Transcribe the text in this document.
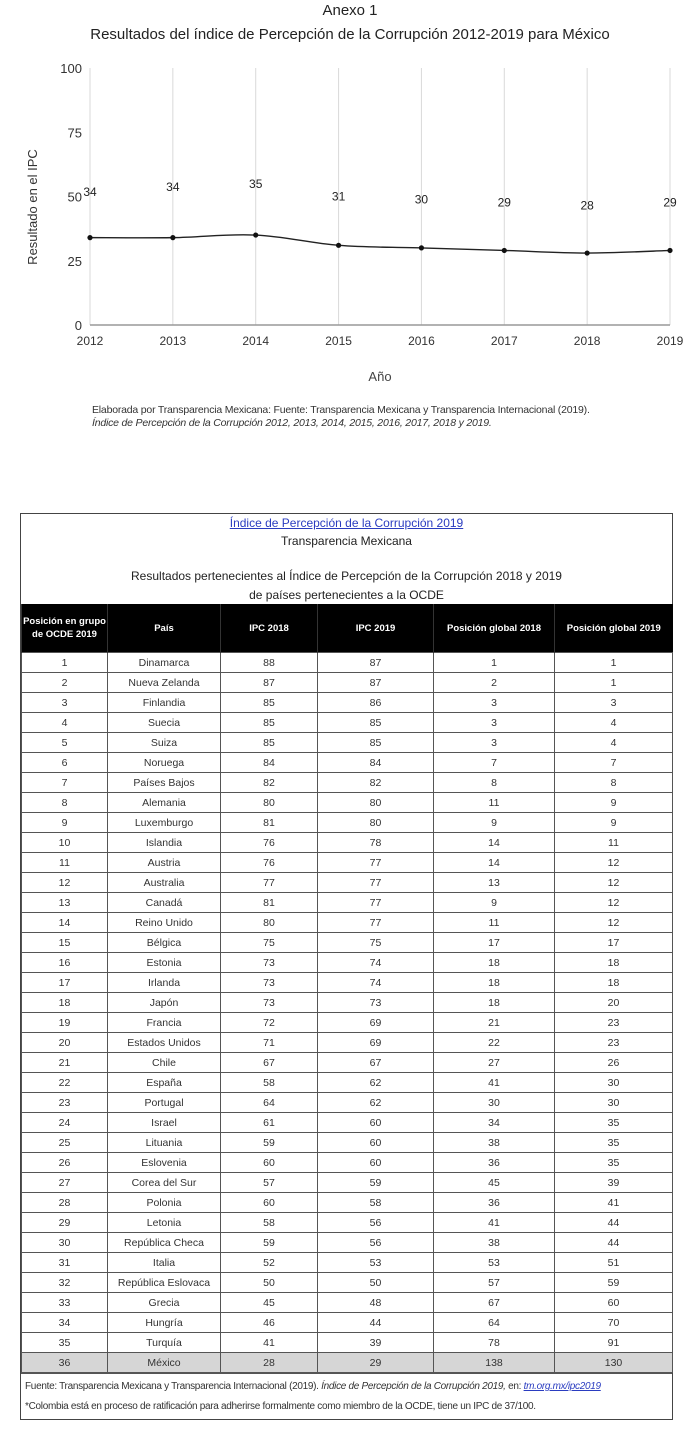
Anexo 1
Resultados del índice de Percepción de la Corrupción 2012-2019 para México
0
25
50
75
100
2012	2013	2014	2015	2016	2017	2018	2019
34	34	35
31	30	29	28	29
Resultado en el IPC
Año
Elaborada por Transparencia Mexicana: Fuente: Transparencia Mexicana y Transparencia Internacional (2019).
Índice de Percepción de la Corrupción 2012, 2013, 2014, 2015, 2016, 2017, 2018 y 2019.
Índice de Percepción de la Corrupción 2019
Transparencia Mexicana
Resultados pertenecientes al Índice de Percepción de la Corrupción 2018 y 2019
de países pertenecientes a la OCDE
Posición en grupo de OCDE 2019	País	IPC 2018	IPC 2019	Posición global 2018	Posición global 2019
1	Dinamarca	88	87	1	1
2	Nueva Zelanda	87	87	2	1
3	Finlandia	85	86	3	3
4	Suecia	85	85	3	4
5	Suiza	85	85	3	4
6	Noruega	84	84	7	7
7	Países Bajos	82	82	8	8
8	Alemania	80	80	11	9
9	Luxemburgo	81	80	9	9
10	Islandia	76	78	14	11
11	Austria	76	77	14	12
12	Australia	77	77	13	12
13	Canadá	81	77	9	12
14	Reino Unido	80	77	11	12
15	Bélgica	75	75	17	17
16	Estonia	73	74	18	18
17	Irlanda	73	74	18	18
18	Japón	73	73	18	20
19	Francia	72	69	21	23
20	Estados Unidos	71	69	22	23
21	Chile	67	67	27	26
22	España	58	62	41	30
23	Portugal	64	62	30	30
24	Israel	61	60	34	35
25	Lituania	59	60	38	35
26	Eslovenia	60	60	36	35
27	Corea del Sur	57	59	45	39
28	Polonia	60	58	36	41
29	Letonia	58	56	41	44
30	República Checa	59	56	38	44
31	Italia	52	53	53	51
32	República Eslovaca	50	50	57	59
33	Grecia	45	48	67	60
34	Hungría	46	44	64	70
35	Turquía	41	39	78	91
36	México	28	29	138	130
Fuente: Transparencia Mexicana y Transparencia Internacional (2019). Índice de Percepción de la Corrupción 2019, en: tm.org.mx/ipc2019
*Colombia está en proceso de ratificación para adherirse formalmente como miembro de la OCDE, tiene un IPC de 37/100.
